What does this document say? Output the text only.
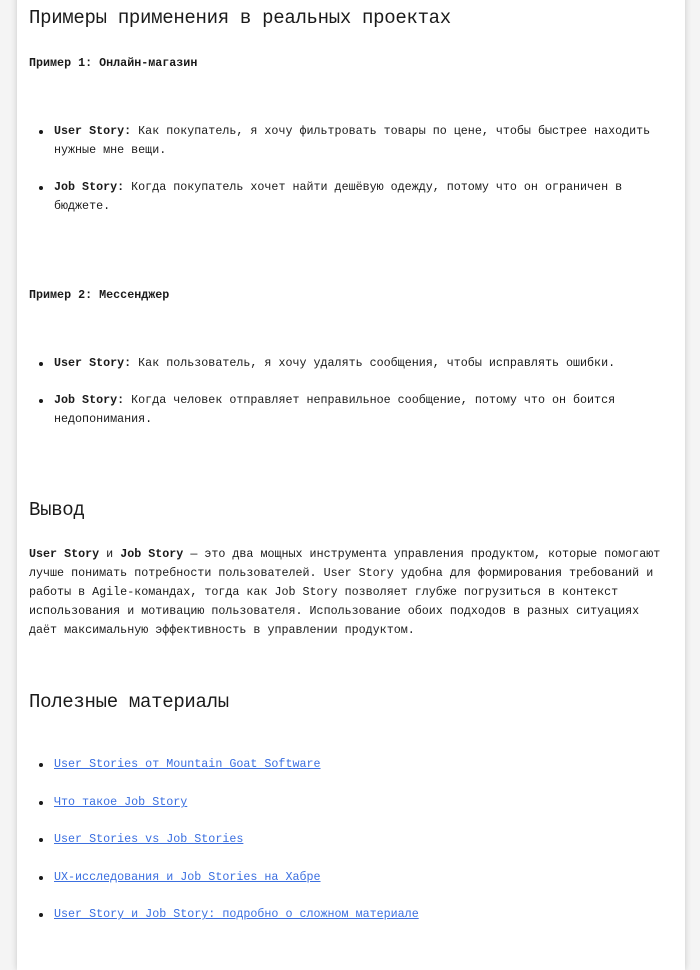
Примеры применения в реальных проектах
Пример 1: Онлайн-магазин
User Story: Как покупатель, я хочу фильтровать товары по цене, чтобы быстрее находить нужные мне вещи.
Job Story: Когда покупатель хочет найти дешёвую одежду, потому что он ограничен в бюджете.
Пример 2: Мессенджер
User Story: Как пользователь, я хочу удалять сообщения, чтобы исправлять ошибки.
Job Story: Когда человек отправляет неправильное сообщение, потому что он боится недопонимания.
Вывод
User Story и Job Story — это два мощных инструмента управления продуктом, которые помогают лучше понимать потребности пользователей. User Story удобна для формирования требований и работы в Agile-командах, тогда как Job Story позволяет глубже погрузиться в контекст использования и мотивацию пользователя. Использование обоих подходов в разных ситуациях даёт максимальную эффективность в управлении продуктом.
Полезные материалы
User Stories от Mountain Goat Software
Что такое Job Story
User Stories vs Job Stories
UX-исследования и Job Stories на Хабре
User Story и Job Story: подробно о сложном материале
